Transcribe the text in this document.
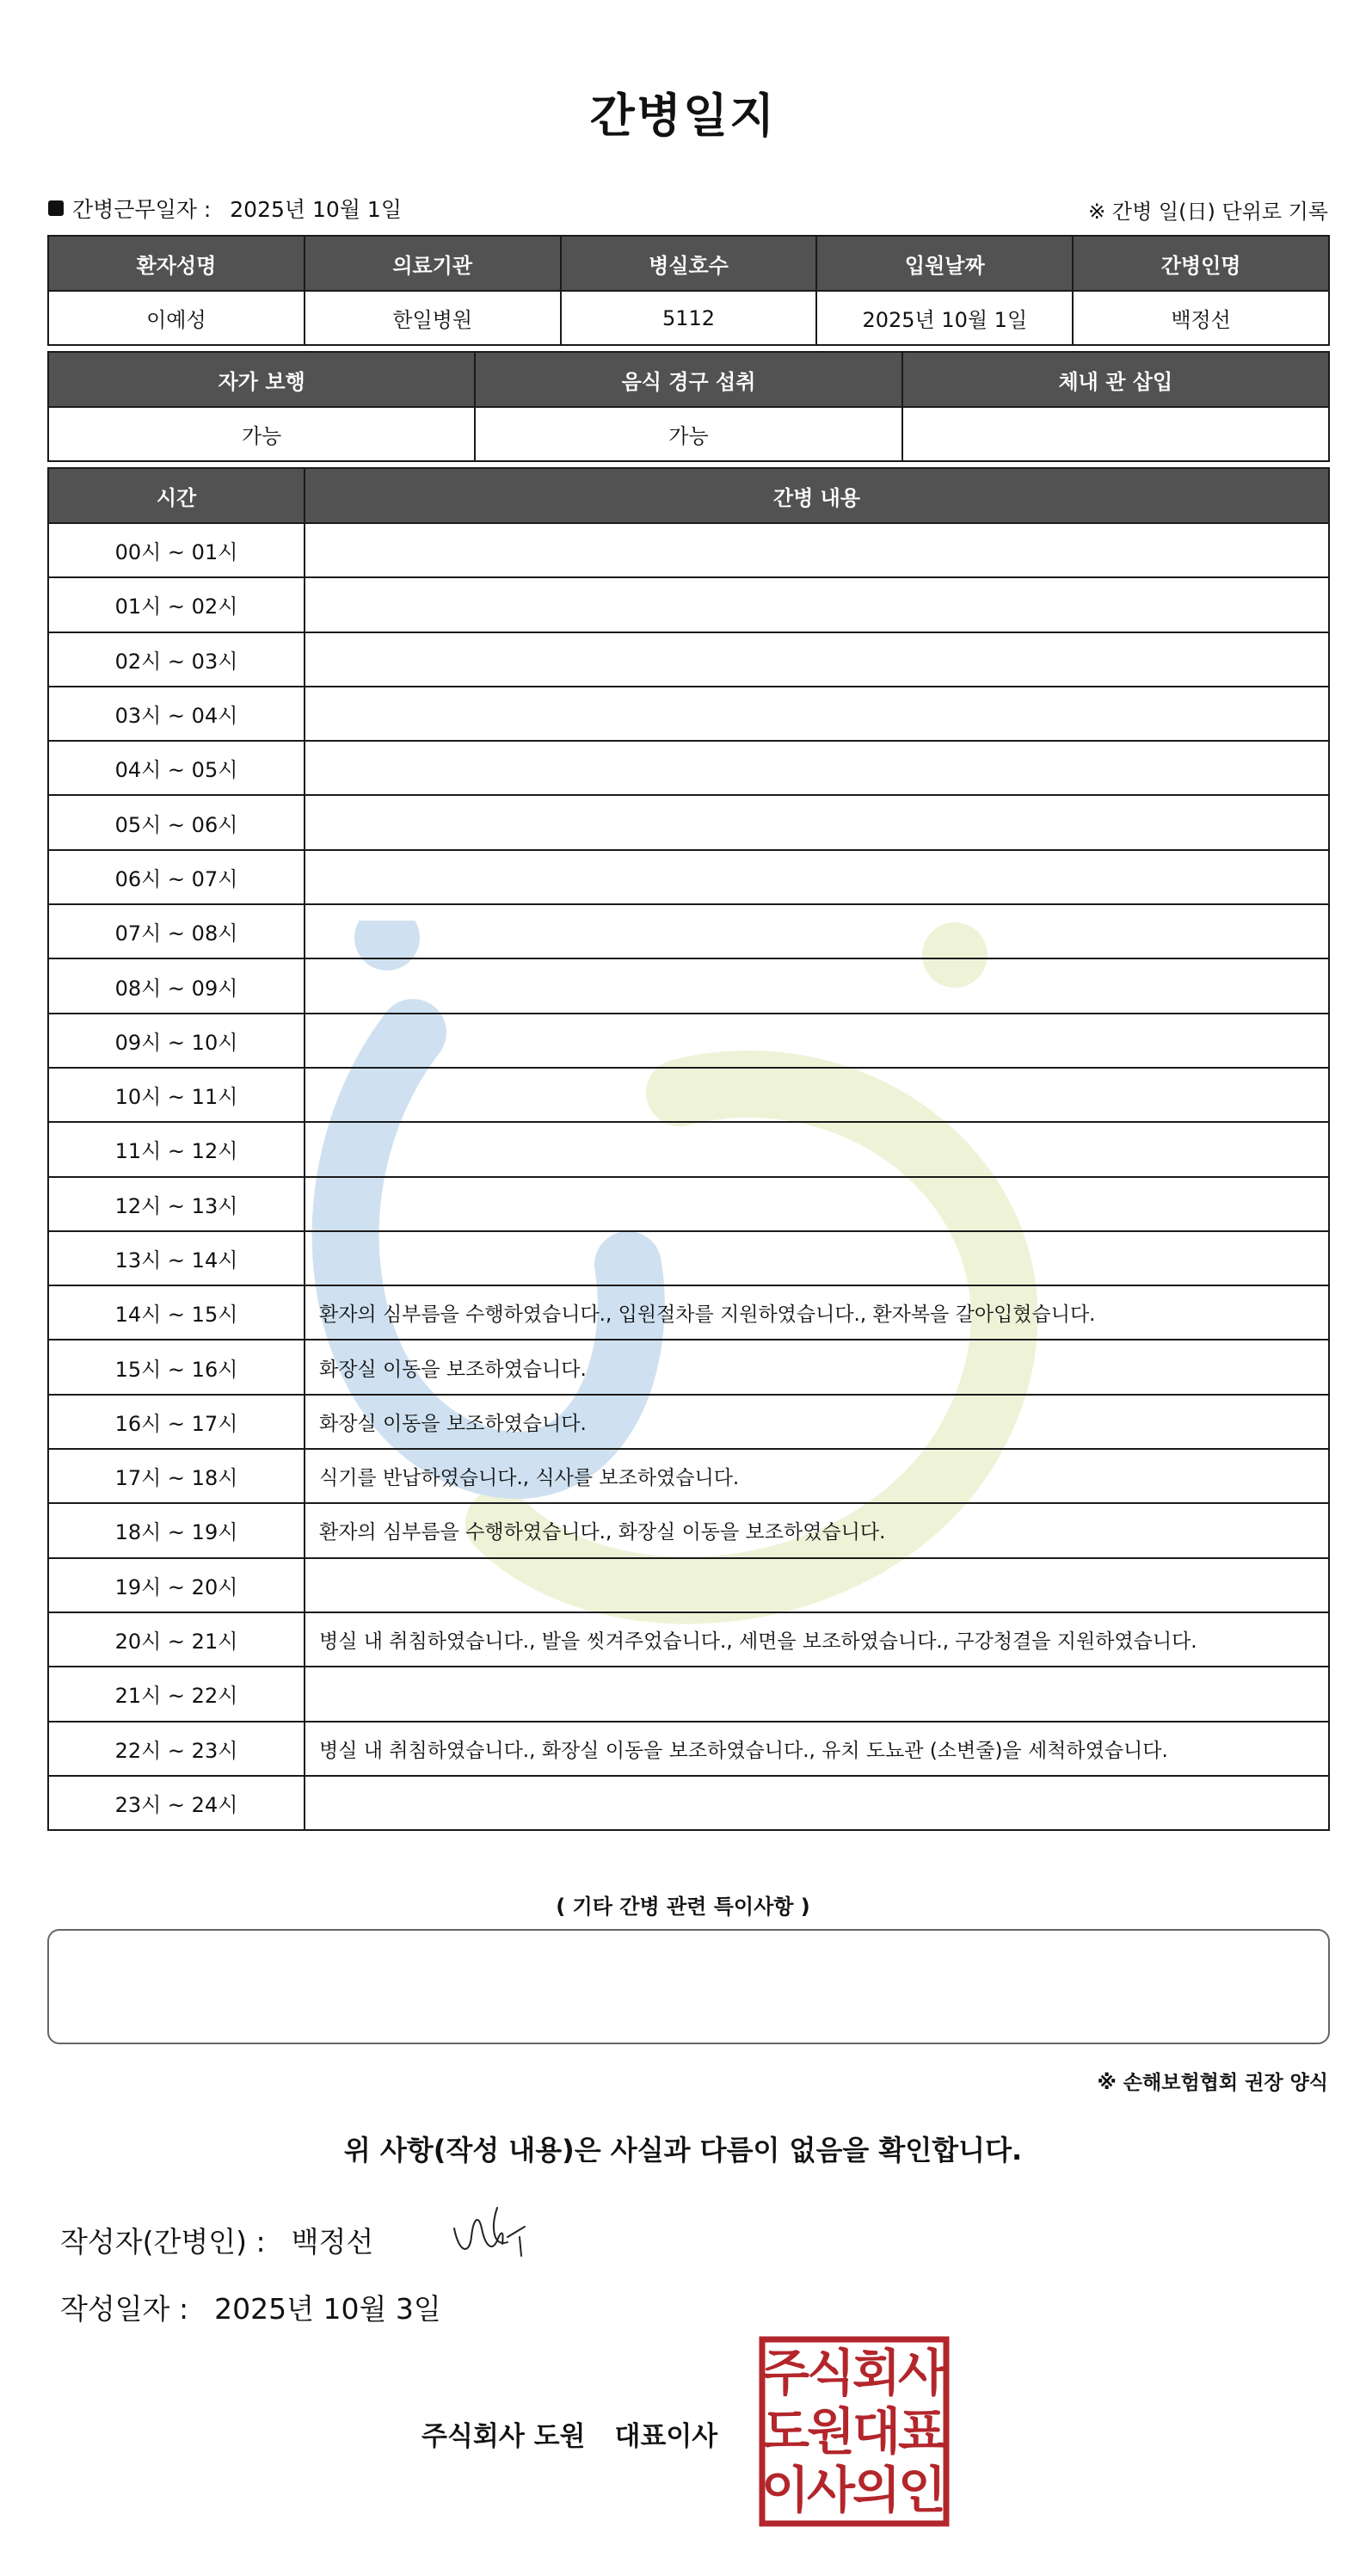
간병일지
간병근무일자 : 2025년 10월 1일	※ 간병 일(日) 단위로 기록
환자성명	의료기관	병실호수	입원날짜	간병인명
이예성	한일병원	5112	2025년 10월 1일	백정선
자가 보행	음식 경구 섭취	체내 관 삽입
가능	가능	
시간	간병 내용
00시 ~ 01시	
01시 ~ 02시	
02시 ~ 03시	
03시 ~ 04시	
04시 ~ 05시	
05시 ~ 06시	
06시 ~ 07시	
07시 ~ 08시	
08시 ~ 09시	
09시 ~ 10시	
10시 ~ 11시	
11시 ~ 12시	
12시 ~ 13시	
13시 ~ 14시	
14시 ~ 15시	환자의 심부름을 수행하였습니다., 입원절차를 지원하였습니다., 환자복을 갈아입혔습니다.
15시 ~ 16시	화장실 이동을 보조하였습니다.
16시 ~ 17시	화장실 이동을 보조하였습니다.
17시 ~ 18시	식기를 반납하였습니다., 식사를 보조하였습니다.
18시 ~ 19시	환자의 심부름을 수행하였습니다., 화장실 이동을 보조하였습니다.
19시 ~ 20시	
20시 ~ 21시	병실 내 취침하였습니다., 발을 씻겨주었습니다., 세면을 보조하였습니다., 구강청결을 지원하였습니다.
21시 ~ 22시	
22시 ~ 23시	병실 내 취침하였습니다., 화장실 이동을 보조하였습니다., 유치 도뇨관 (소변줄)을 세척하였습니다.
23시 ~ 24시	
( 기타 간병 관련 특이사항 )
※ 손해보험협회 권장 양식
위 사항(작성 내용)은 사실과 다름이 없음을 확인합니다.
작성자(간병인) : 백정선
작성일자 : 2025년 10월 3일
주식회사 도원 대표이사
주
식
회
사
도
원
대
표
이
사
의
인
